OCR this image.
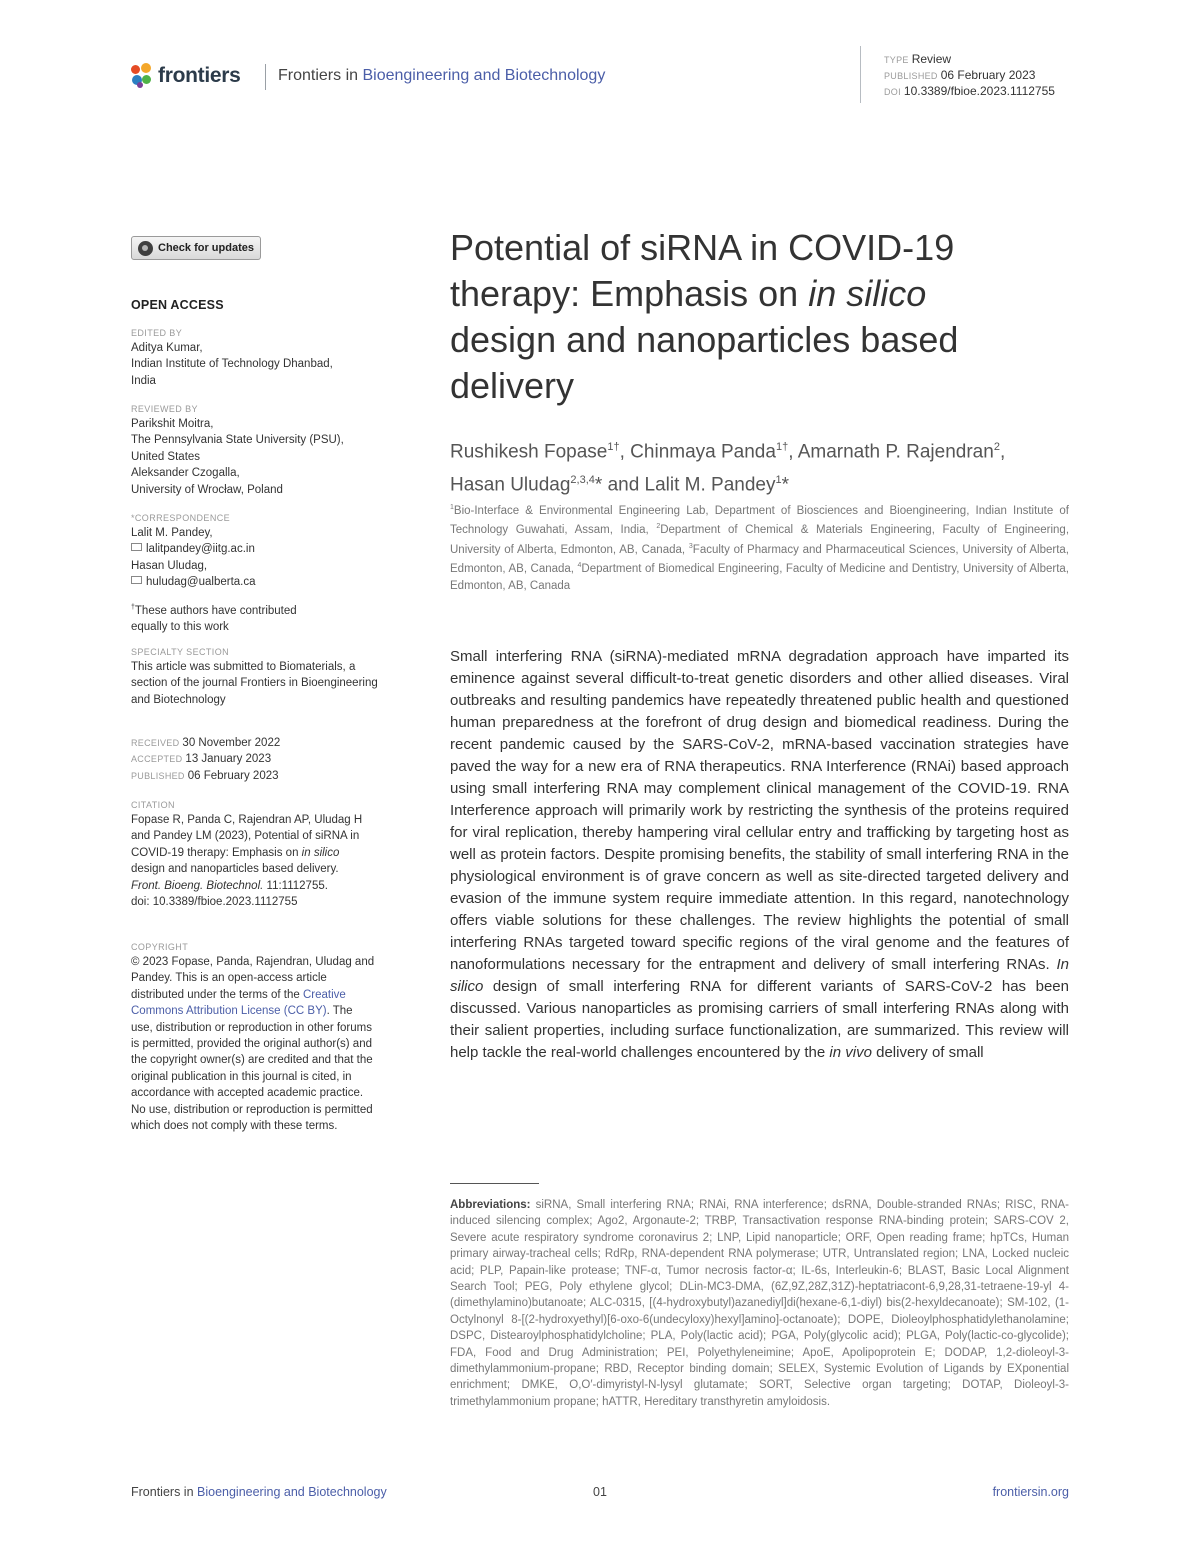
frontiers Frontiers in Bioengineering and Biotechnology
TYPE Review
PUBLISHED 06 February 2023
DOI 10.3389/fbioe.2023.1112755
Check for updates
OPEN ACCESS
EDITED BY
Aditya Kumar,
Indian Institute of Technology Dhanbad,
India
REVIEWED BY
Parikshit Moitra,
The Pennsylvania State University (PSU),
United States
Aleksander Czogalla,
University of Wrocław, Poland
*CORRESPONDENCE
Lalit M. Pandey,
lalitpandey@iitg.ac.in
Hasan Uludag,
huludag@ualberta.ca
†These authors have contributed equally to this work
SPECIALTY SECTION
This article was submitted to Biomaterials, a section of the journal Frontiers in Bioengineering and Biotechnology
RECEIVED 30 November 2022
ACCEPTED 13 January 2023
PUBLISHED 06 February 2023
CITATION
Fopase R, Panda C, Rajendran AP, Uludag H and Pandey LM (2023), Potential of siRNA in COVID-19 therapy: Emphasis on in silico design and nanoparticles based delivery.
Front. Bioeng. Biotechnol. 11:1112755.
doi: 10.3389/fbioe.2023.1112755
COPYRIGHT
© 2023 Fopase, Panda, Rajendran, Uludag and Pandey. This is an open-access article distributed under the terms of the Creative Commons Attribution License (CC BY). The use, distribution or reproduction in other forums is permitted, provided the original author(s) and the copyright owner(s) are credited and that the original publication in this journal is cited, in accordance with accepted academic practice. No use, distribution or reproduction is permitted which does not comply with these terms.
Potential of siRNA in COVID-19
therapy: Emphasis on in silico
design and nanoparticles based
delivery
Rushikesh Fopase$^{1\dagger}$, Chinmaya Panda$^{1\dagger}$, Amarnath P. Rajendran$^2$,
Hasan Uludag$^{2,3,4}$* and Lalit M. Pandey$^1$*
$^1$Bio-Interface & Environmental Engineering Lab, Department of Biosciences and Bioengineering, Indian Institute of Technology Guwahati, Assam, India, $^2$Department of Chemical & Materials Engineering, Faculty of Engineering, University of Alberta, Edmonton, AB, Canada, $^3$Faculty of Pharmacy and Pharmaceutical Sciences, University of Alberta, Edmonton, AB, Canada, $^4$Department of Biomedical Engineering, Faculty of Medicine and Dentistry, University of Alberta, Edmonton, AB, Canada

Small interfering RNA (siRNA)-mediated mRNA degradation approach have imparted its eminence against several difficult-to-treat genetic disorders and other allied diseases. Viral outbreaks and resulting pandemics have repeatedly threatened public health and questioned human preparedness at the forefront of drug design and biomedical readiness. During the recent pandemic caused by the SARS-CoV-2, mRNA-based vaccination strategies have paved the way for a new era of RNA therapeutics. RNA Interference (RNAi) based approach using small interfering RNA may complement clinical management of the COVID-19. RNA Interference approach will primarily work by restricting the synthesis of the proteins required for viral replication, thereby hampering viral cellular entry and trafficking by targeting host as well as protein factors. Despite promising benefits, the stability of small interfering RNA in the physiological environment is of grave concern as well as site-directed targeted delivery and evasion of the immune system require immediate attention. In this regard, nanotechnology offers viable solutions for these challenges. The review highlights the potential of small interfering RNAs targeted toward specific regions of the viral genome and the features of nanoformulations necessary for the entrapment and delivery of small interfering RNAs. In silico design of small interfering RNA for different variants of SARS-CoV-2 has been discussed. Various nanoparticles as promising carriers of small interfering RNAs along with their salient properties, including surface functionalization, are summarized. This review will help tackle the real-world challenges encountered by the in vivo delivery of small

Abbreviations: siRNA, Small interfering RNA; RNAi, RNA interference; dsRNA, Double-stranded RNAs; RISC, RNA-induced silencing complex; Ago2, Argonaute-2; TRBP, Transactivation response RNA-binding protein; SARS-COV 2, Severe acute respiratory syndrome coronavirus 2; LNP, Lipid nanoparticle; ORF, Open reading frame; hpTCs, Human primary airway-tracheal cells; RdRp, RNA-dependent RNA polymerase; UTR, Untranslated region; LNA, Locked nucleic acid; PLP, Papain-like protease; TNF-α, Tumor necrosis factor-α; IL-6s, Interleukin-6; BLAST, Basic Local Alignment Search Tool; PEG, Poly ethylene glycol; DLin-MC3-DMA, (6Z,9Z,28Z,31Z)-heptatriacont-6,9,28,31-tetraene-19-yl 4-(dimethylamino)butanoate; ALC-0315, [(4-hydroxybutyl)azanediyl]di(hexane-6,1-diyl) bis(2-hexyldecanoate); SM-102, (1-Octylnonyl 8-[(2-hydroxyethyl)[6-oxo-6(undecyloxy)hexyl]amino]-octanoate); DOPE, Dioleoylphosphatidylethanolamine; DSPC, Distearoylphosphatidylcholine; PLA, Poly(lactic acid); PGA, Poly(glycolic acid); PLGA, Poly(lactic-co-glycolide); FDA, Food and Drug Administration; PEI, Polyethyleneimine; ApoE, Apolipoprotein E; DODAP, 1,2-dioleoyl-3-dimethylammonium-propane; RBD, Receptor binding domain; SELEX, Systemic Evolution of Ligands by EXponential enrichment; DMKE, O,O′-dimyristyl-N-lysyl glutamate; SORT, Selective organ targeting; DOTAP, Dioleoyl-3-trimethylammonium propane; hATTR, Hereditary transthyretin amyloidosis.

Frontiers in Bioengineering and Biotechnology	01	frontiersin.org
